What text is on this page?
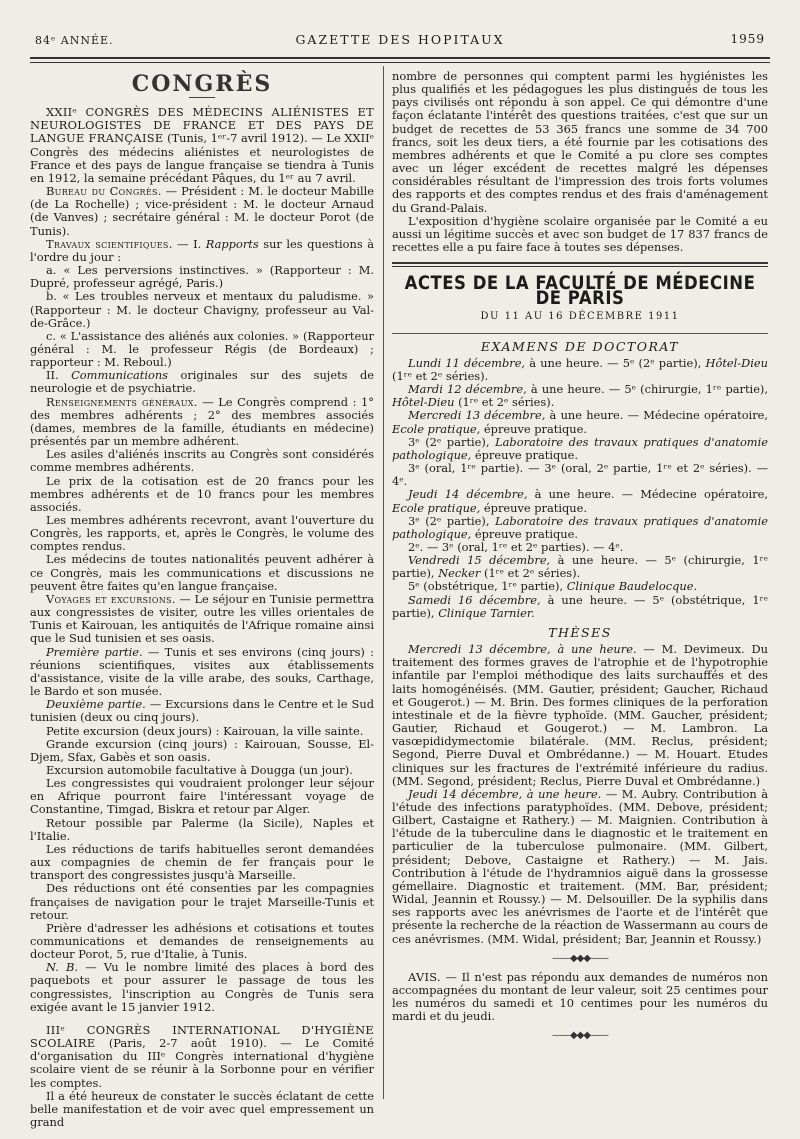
84ᵉ ANNÉE.	GAZETTE DES HOPITAUX	1959
CONGRÈS

XXIIᵉ CONGRÈS DES MÉDECINS ALIÉNISTES ET NEUROLOGISTES DE FRANCE ET DES PAYS DE LANGUE FRANÇAISE (Tunis, 1ᵉʳ-7 avril 1912). — Le XXIIᵉ Congrès des médecins aliénistes et neurologistes de France et des pays de langue française se tiendra à Tunis en 1912, la semaine précédant Pâques, du 1ᵉʳ au 7 avril.

Bureau du Congrès. — Président : M. le docteur Mabille (de La Rochelle) ; vice-président : M. le docteur Arnaud (de Vanves) ; secrétaire général : M. le docteur Porot (de Tunis).

Travaux scientifiques. — I. Rapports sur les questions à l'ordre du jour :

a. « Les perversions instinctives. » (Rapporteur : M. Dupré, professeur agrégé, Paris.)

b. « Les troubles nerveux et mentaux du paludisme. » (Rapporteur : M. le docteur Chavigny, professeur au Val-de-Grâce.)

c. « L'assistance des aliénés aux colonies. » (Rapporteur général : M. le professeur Régis (de Bordeaux) ; rapporteur : M. Reboul.)

II. Communications originales sur des sujets de neurologie et de psychiatrie.

Renseignements généraux. — Le Congrès comprend : 1° des membres adhérents ; 2° des membres associés (dames, membres de la famille, étudiants en médecine) présentés par un membre adhérent.

Les asiles d'aliénés inscrits au Congrès sont considérés comme membres adhérents.

Le prix de la cotisation est de 20 francs pour les membres adhérents et de 10 francs pour les membres associés.

Les membres adhérents recevront, avant l'ouverture du Congrès, les rapports, et, après le Congrès, le volume des comptes rendus.

Les médecins de toutes nationalités peuvent adhérer à ce Congrès, mais les communications et discussions ne peuvent être faites qu'en langue française.

Voyages et excursions. — Le séjour en Tunisie permettra aux congressistes de visiter, outre les villes orientales de Tunis et Kairouan, les antiquités de l'Afrique romaine ainsi que le Sud tunisien et ses oasis.

Première partie. — Tunis et ses environs (cinq jours) : réunions scientifiques, visites aux établissements d'assistance, visite de la ville arabe, des souks, Carthage, le Bardo et son musée.

Deuxième partie. — Excursions dans le Centre et le Sud tunisien (deux ou cinq jours).

Petite excursion (deux jours) : Kairouan, la ville sainte.

Grande excursion (cinq jours) : Kairouan, Sousse, El-Djem, Sfax, Gabès et son oasis.

Excursion automobile facultative à Dougga (un jour).

Les congressistes qui voudraient prolonger leur séjour en Afrique pourront faire l'intéressant voyage de Constantine, Timgad, Biskra et retour par Alger.

Retour possible par Palerme (la Sicile), Naples et l'Italie.

Les réductions de tarifs habituelles seront demandées aux compagnies de chemin de fer français pour le transport des congressistes jusqu'à Marseille.

Des réductions ont été consenties par les compagnies françaises de navigation pour le trajet Marseille-Tunis et retour.

Prière d'adresser les adhésions et cotisations et toutes communications et demandes de renseignements au docteur Porot, 5, rue d'Italie, à Tunis.

N. B. — Vu le nombre limité des places à bord des paquebots et pour assurer le passage de tous les congressistes, l'inscription au Congrès de Tunis sera exigée avant le 15 janvier 1912.

IIIᵉ CONGRÈS INTERNATIONAL D'HYGIÈNE SCOLAIRE (Paris, 2-7 août 1910). — Le Comité d'organisation du IIIᵉ Congrès international d'hygiène scolaire vient de se réunir à la Sorbonne pour en vérifier les comptes.

Il a été heureux de constater le succès éclatant de cette belle manifestation et de voir avec quel empressement un grand

nombre de personnes qui comptent parmi les hygiénistes les plus qualifiés et les pédagogues les plus distingués de tous les pays civilisés ont répondu à son appel. Ce qui démontre d'une façon éclatante l'intérêt des questions traitées, c'est que sur un budget de recettes de 53 365 francs une somme de 34 700 francs, soit les deux tiers, a été fournie par les cotisations des membres adhérents et que le Comité a pu clore ses comptes avec un léger excédent de recettes malgré les dépenses considérables résultant de l'impression des trois forts volumes des rapports et des comptes rendus et des frais d'aménagement du Grand-Palais.

L'exposition d'hygiène scolaire organisée par le Comité a eu aussi un légitime succès et avec son budget de 17 837 francs de recettes elle a pu faire face à toutes ses dépenses.

ACTES DE LA FACULTÉ DE MÉDECINE DE PARIS
DU 11 AU 16 DÉCEMBRE 1911
EXAMENS DE DOCTORAT

Lundi 11 décembre, à une heure. — 5ᵉ (2ᵉ partie), Hôtel-Dieu (1ʳᵉ et 2ᵉ séries).

Mardi 12 décembre, à une heure. — 5ᵉ (chirurgie, 1ʳᵉ partie), Hôtel-Dieu (1ʳᵉ et 2ᵉ séries).

Mercredi 13 décembre, à une heure. — Médecine opératoire, Ecole pratique, épreuve pratique.

3ᵉ (2ᵉ partie), Laboratoire des travaux pratiques d'anatomie pathologique, épreuve pratique.

3ᵉ (oral, 1ʳᵉ partie). — 3ᵉ (oral, 2ᵉ partie, 1ʳᵉ et 2ᵉ séries). — 4ᵉ.

Jeudi 14 décembre, à une heure. — Médecine opératoire, Ecole pratique, épreuve pratique.

3ᵉ (2ᵉ partie), Laboratoire des travaux pratiques d'anatomie pathologique, épreuve pratique.

2ᵉ. — 3ᵉ (oral, 1ʳᵉ et 2ᵉ parties). — 4ᵉ.

Vendredi 15 décembre, à une heure. — 5ᵉ (chirurgie, 1ʳᵉ partie), Necker (1ʳᵉ et 2ᵉ séries).

5ᵉ (obstétrique, 1ʳᵉ partie), Clinique Baudelocque.

Samedi 16 décembre, à une heure. — 5ᵉ (obstétrique, 1ʳᵉ partie), Clinique Tarnier.

THÈSES

Mercredi 13 décembre, à une heure. — M. Devimeux. Du traitement des formes graves de l'atrophie et de l'hypotrophie infantile par l'emploi méthodique des laits surchauffés et des laits homogénéisés. (MM. Gautier, président; Gaucher, Richaud et Gougerot.) — M. Brin. Des formes cliniques de la perforation intestinale et de la fièvre typhoïde. (MM. Gaucher, président; Gautier, Richaud et Gougerot.) — M. Lambron. La vasœpididymectomie bilatérale. (MM. Reclus, président; Segond, Pierre Duval et Ombrédanne.) — M. Houart. Etudes cliniques sur les fractures de l'extrémité inférieure du radius. (MM. Segond, président; Reclus, Pierre Duval et Ombrédanne.)

Jeudi 14 décembre, à une heure. — M. Aubry. Contribution à l'étude des infections paratyphoïdes. (MM. Debove, président; Gilbert, Castaigne et Rathery.) — M. Maignien. Contribution à l'étude de la tuberculine dans le diagnostic et le traitement en particulier de la tuberculose pulmonaire. (MM. Gilbert, président; Debove, Castaigne et Rathery.) — M. Jais. Contribution à l'étude de l'hydramnios aiguë dans la grossesse gémellaire. Diagnostic et traitement. (MM. Bar, président; Widal, Jeannin et Roussy.) — M. Delsouiller. De la syphilis dans ses rapports avec les anévrismes de l'aorte et de l'intérêt que présente la recherche de la réaction de Wassermann au cours de ces anévrismes. (MM. Widal, président; Bar, Jeannin et Roussy.)

——◆◆◆——

AVIS. — Il n'est pas répondu aux demandes de numéros non accompagnées du montant de leur valeur, soit 25 centimes pour les numéros du samedi et 10 centimes pour les numéros du mardi et du jeudi.

——◆◆◆——
